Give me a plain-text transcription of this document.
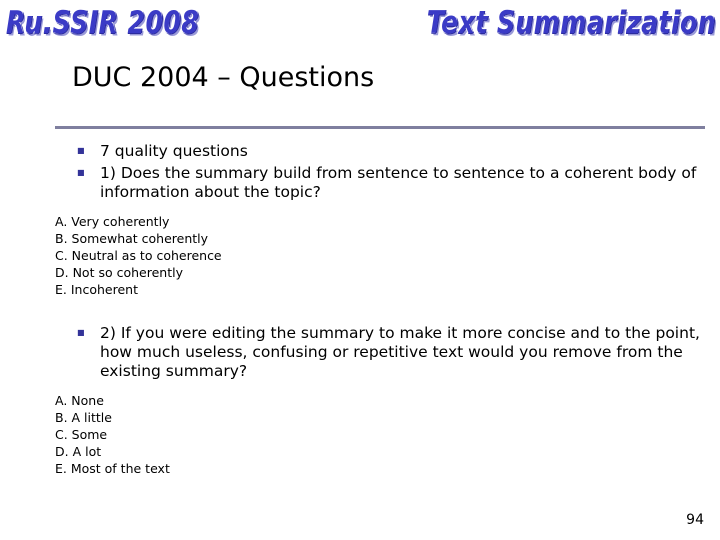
Ru.SSIR 2008	Text Summarization
DUC 2004 – Questions
■
7 quality questions
■
1) Does the summary build from sentence to sentence to a coherent body of information about the topic?
A. Very coherently
B. Somewhat coherently
C. Neutral as to coherence
D. Not so coherently
E. Incoherent
■
2) If you were editing the summary to make it more concise and to the point, how much useless, confusing or repetitive text would you remove from the existing summary?
A. None
B. A little
C. Some
D. A lot
E. Most of the text
94
